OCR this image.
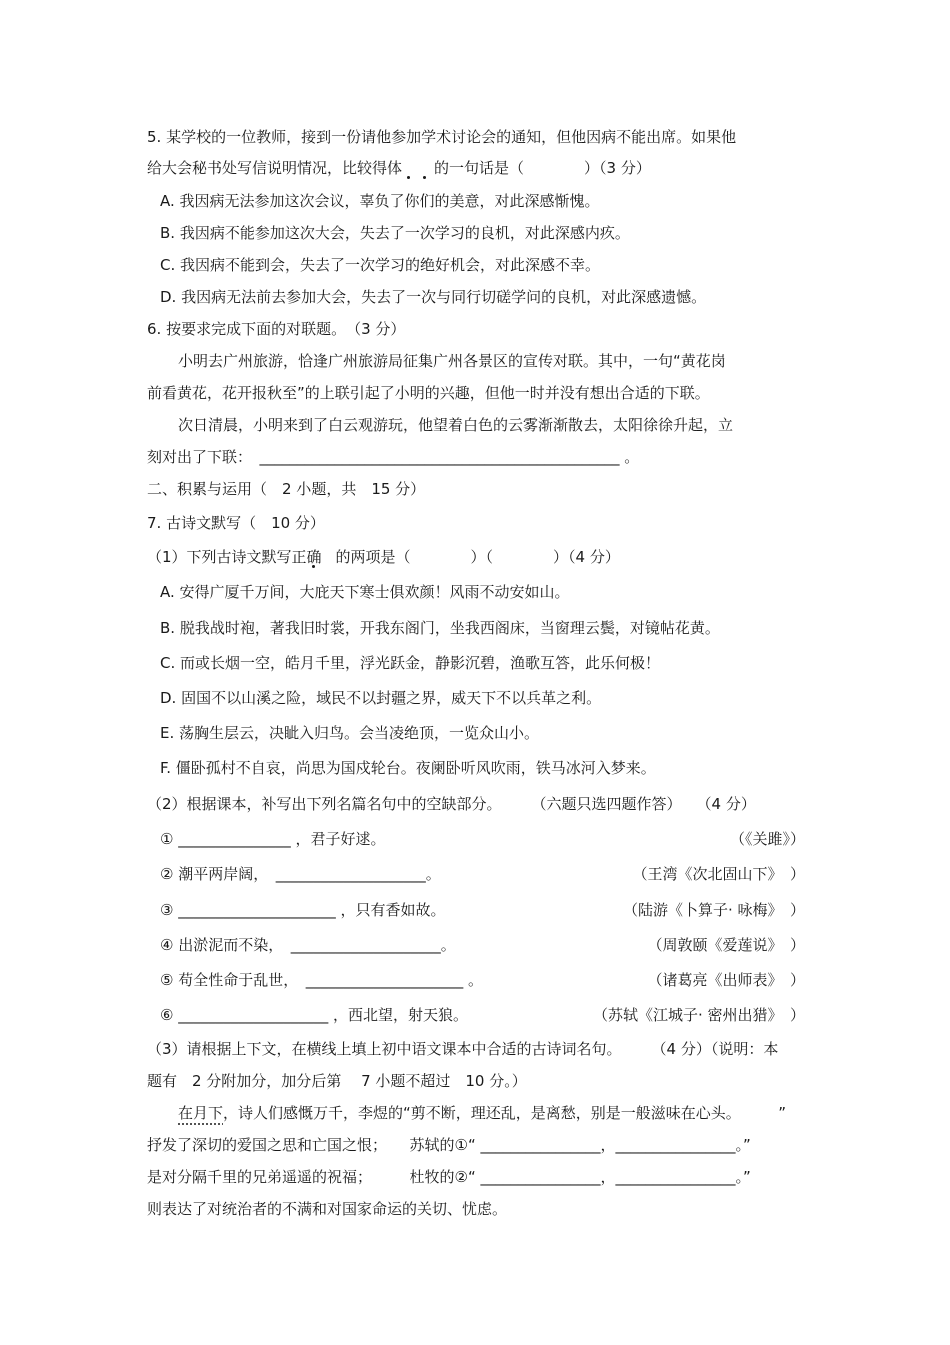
5. 某学校的一位教师，接到一份请他参加学术讨论会的通知，但他因病不能出席。如果他
给大会秘书处写信说明情况，比较得体 的一句话是（　　　　）（3 分）
A. 我因病无法参加这次会议，辜负了你们的美意，对此深感惭愧。
B. 我因病不能参加这次大会，失去了一次学习的良机，对此深感内疚。
C. 我因病不能到会，失去了一次学习的绝好机会，对此深感不幸。
D. 我因病无法前去参加大会，失去了一次与同行切磋学问的良机，对此深感遗憾。
6. 按要求完成下面的对联题。　（3 分）
小明去广州旅游，恰逢广州旅游局征集广州各景区的宣传对联。其中，一句“黄花岗
前看黄花，花开报秋至”的上联引起了小明的兴趣，但他一时并没有想出合适的下联。
次日清晨，小明来到了白云观游玩，他望着白色的云雾渐渐散去，太阳徐徐升起，立
刻对出了下联：　________________________________________________ 。
二、积累与运用（　2 小题，共　15 分）
7. 古诗文默写（　10 分）
（1）下列古诗文默写正确 的两项是（　　　　）（　　　　）（4 分）
A. 安得广厦千万间，大庇天下寒士俱欢颜！风雨不动安如山。
B. 脱我战时袍，著我旧时裳，开我东阁门，坐我西阁床，当窗理云鬓，对镜帖花黄。
C. 而或长烟一空，皓月千里，浮光跃金，静影沉碧，渔歌互答，此乐何极！
D. 固国不以山溪之险，域民不以封疆之界，威天下不以兵革之利。
E. 荡胸生层云，决眦入归鸟。会当凌绝顶，一览众山小。
F. 僵卧孤村不自哀，尚思为国戍轮台。夜阑卧听风吹雨，铁马冰河入梦来。
（2）根据课本，补写出下列名篇名句中的空缺部分。　　　（六题只选四题作答）　　（4 分）
① _______________ ，君子好逑。	（《关雎》）
② 潮平两岸阔，　____________________。	（王湾《次北固山下》　）
③ _____________________ ，只有香如故。	（陆游《卜算子· 咏梅》　）
④ 出淤泥而不染，　____________________。	（周敦颐《爱莲说》　）
⑤ 苟全性命于乱世，　_____________________ 。	（诸葛亮《出师表》　）
⑥ ____________________ ，西北望，射天狼。	（苏轼《江城子· 密州出猎》　）
（3）请根据上下文，在横线上填上初中语文课本中合适的古诗词名句。　　　（4 分）（说明：本
题有　2 分附加分，加分后第　 7 小题不超过　10 分。）
在月下，诗人们感慨万千，李煜的“剪不断，理还乱，是离愁，别是一般滋味在心头。　　　”
抒发了深切的爱国之思和亡国之恨；　　苏轼的①“ ________________，________________。”
是对分隔千里的兄弟遥遥的祝福；　　　杜牧的②“ ________________，________________。”
则表达了对统治者的不满和对国家命运的关切、忧虑。
